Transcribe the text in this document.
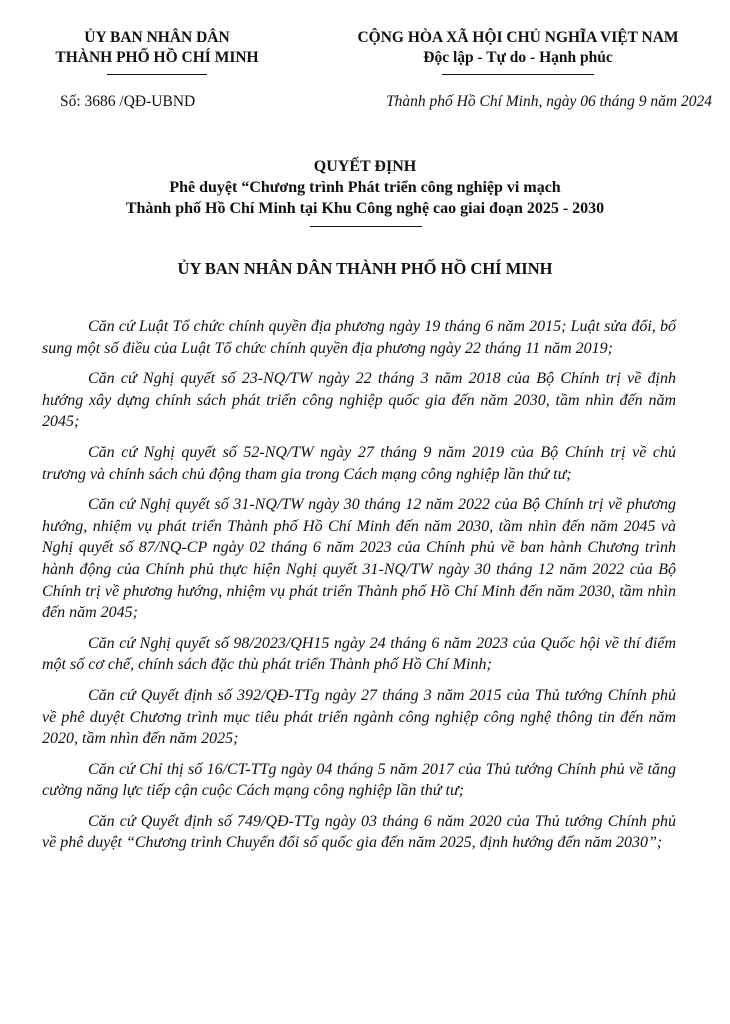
ỦY BAN NHÂN DÂN
THÀNH PHỐ HỒ CHÍ MINH
CỘNG HÒA XÃ HỘI CHỦ NGHĨA VIỆT NAM
Độc lập - Tự do - Hạnh phúc
Số: 3686 /QĐ-UBND	Thành phố Hồ Chí Minh, ngày 06 tháng 9 năm 2024
QUYẾT ĐỊNH
Phê duyệt “Chương trình Phát triển công nghiệp vi mạch
Thành phố Hồ Chí Minh tại Khu Công nghệ cao giai đoạn 2025 - 2030
ỦY BAN NHÂN DÂN THÀNH PHỐ HỒ CHÍ MINH

Căn cứ Luật Tổ chức chính quyền địa phương ngày 19 tháng 6 năm 2015; Luật sửa đổi, bổ sung một số điều của Luật Tổ chức chính quyền địa phương ngày 22 tháng 11 năm 2019;

Căn cứ Nghị quyết số 23-NQ/TW ngày 22 tháng 3 năm 2018 của Bộ Chính trị về định hướng xây dựng chính sách phát triển công nghiệp quốc gia đến năm 2030, tầm nhìn đến năm 2045;

Căn cứ Nghị quyết số 52-NQ/TW ngày 27 tháng 9 năm 2019 của Bộ Chính trị về chủ trương và chính sách chủ động tham gia trong Cách mạng công nghiệp lần thứ tư;

Căn cứ Nghị quyết số 31-NQ/TW ngày 30 tháng 12 năm 2022 của Bộ Chính trị về phương hướng, nhiệm vụ phát triển Thành phố Hồ Chí Minh đến năm 2030, tầm nhìn đến năm 2045 và Nghị quyết số 87/NQ-CP ngày 02 tháng 6 năm 2023 của Chính phủ về ban hành Chương trình hành động của Chính phủ thực hiện Nghị quyết 31-NQ/TW ngày 30 tháng 12 năm 2022 của Bộ Chính trị về phương hướng, nhiệm vụ phát triển Thành phố Hồ Chí Minh đến năm 2030, tầm nhìn đến năm 2045;

Căn cứ Nghị quyết số 98/2023/QH15 ngày 24 tháng 6 năm 2023 của Quốc hội về thí điểm một số cơ chế, chính sách đặc thù phát triển Thành phố Hồ Chí Minh;

Căn cứ Quyết định số 392/QĐ-TTg ngày 27 tháng 3 năm 2015 của Thủ tướng Chính phủ về phê duyệt Chương trình mục tiêu phát triển ngành công nghiệp công nghệ thông tin đến năm 2020, tầm nhìn đến năm 2025;

Căn cứ Chỉ thị số 16/CT-TTg ngày 04 tháng 5 năm 2017 của Thủ tướng Chính phủ về tăng cường năng lực tiếp cận cuộc Cách mạng công nghiệp lần thứ tư;

Căn cứ Quyết định số 749/QĐ-TTg ngày 03 tháng 6 năm 2020 của Thủ tướng Chính phủ về phê duyệt “Chương trình Chuyển đổi số quốc gia đến năm 2025, định hướng đến năm 2030”;
